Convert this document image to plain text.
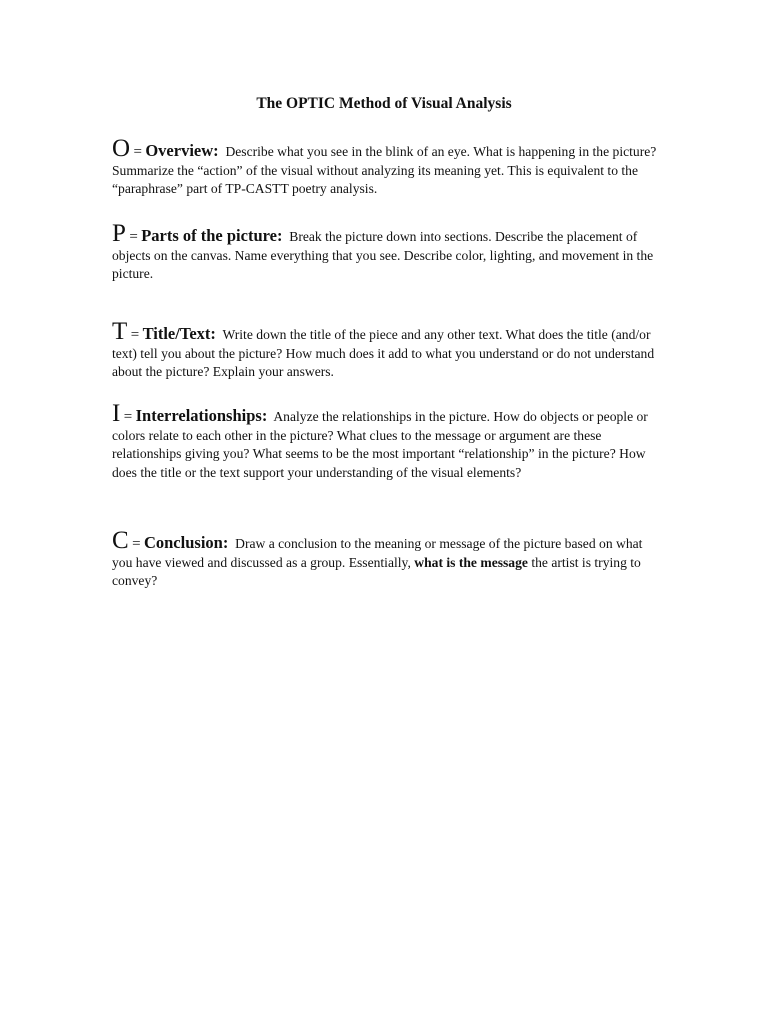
The OPTIC Method of Visual Analysis
O = Overview: Describe what you see in the blink of an eye. What is happening in the picture? Summarize the “action” of the visual without analyzing its meaning yet. This is equivalent to the “paraphrase” part of TP-CASTT poetry analysis.
P = Parts of the picture: Break the picture down into sections. Describe the placement of objects on the canvas. Name everything that you see. Describe color, lighting, and movement in the picture.
T = Title/Text: Write down the title of the piece and any other text. What does the title (and/or text) tell you about the picture? How much does it add to what you understand or do not understand about the picture? Explain your answers.
I = Interrelationships: Analyze the relationships in the picture. How do objects or people or colors relate to each other in the picture? What clues to the message or argument are these relationships giving you? What seems to be the most important “relationship” in the picture? How does the title or the text support your understanding of the visual elements?
C = Conclusion: Draw a conclusion to the meaning or message of the picture based on what you have viewed and discussed as a group. Essentially, what is the message the artist is trying to convey?
